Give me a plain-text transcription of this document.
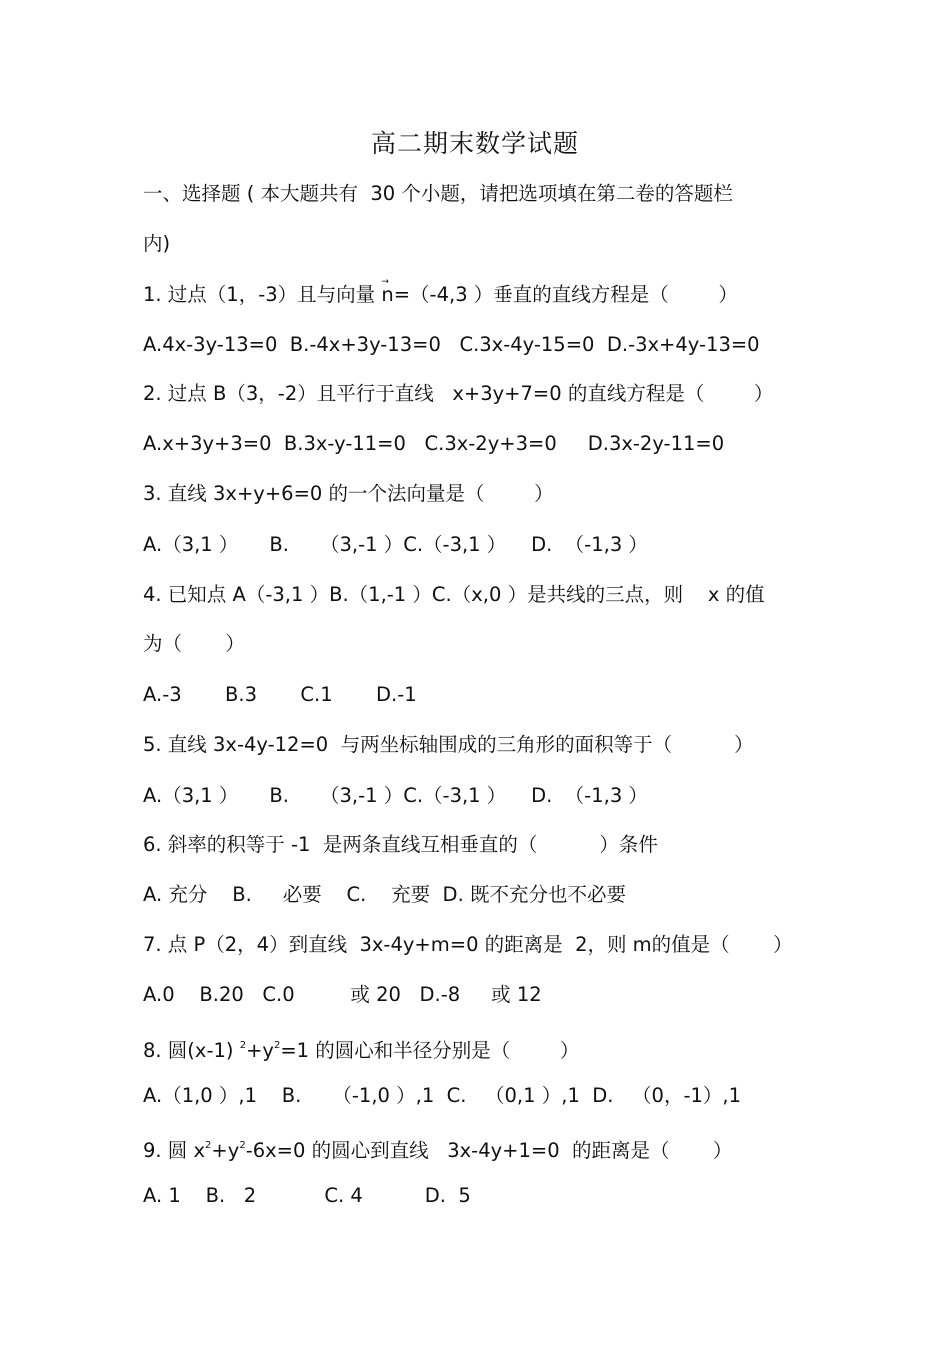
高二期末数学试题
一、选择题 ( 本大题共有  30 个小题，请把选项填在第二卷的答题栏
内)
1. 过点（1，-3）且与向量 → n=（-4,3 ）垂直的直线方程是（        ）
A.4x-3y-13=0  B.-4x+3y-13=0   C.3x-4y-15=0  D.-3x+4y-13=0
2. 过点 B（3，-2）且平行于直线   x+3y+7=0 的直线方程是（        ）
A.x+3y+3=0  B.3x-y-11=0   C.3x-2y+3=0     D.3x-2y-11=0
3. 直线 3x+y+6=0 的一个法向量是（        ）
A.（3,1 ）     B.     （3,-1 ）C.（-3,1 ）    D.  （-1,3 ）
4. 已知点 A（-3,1 ）B.（1,-1 ）C.（x,0 ）是共线的三点，则    x 的值
为（       ）
A.-3       B.3       C.1       D.-1
5. 直线 3x-4y-12=0  与两坐标轴围成的三角形的面积等于（          ）
A.（3,1 ）     B.     （3,-1 ）C.（-3,1 ）    D.  （-1,3 ）
6. 斜率的积等于 -1  是两条直线互相垂直的（          ）条件
A. 充分    B.     必要    C.    充要  D. 既不充分也不必要
7. 点 P（2，4）到直线  3x-4y+m=0 的距离是  2，则 m的值是（       ）
A.0    B.20   C.0         或 20   D.-8     或 12
8. 圆(x-1) $^2+y^2=1$ 的圆心和半径分别是（        ）
A.（1,0 ）,1    B.     （-1,0 ）,1  C.   （0,1 ）,1  D.   （0，-1）,1
9. 圆 $x^2+y^2-6x=0$ 的圆心到直线   3x-4y+1=0  的距离是（       ）
A. 1    B.   2           C. 4          D.  5
